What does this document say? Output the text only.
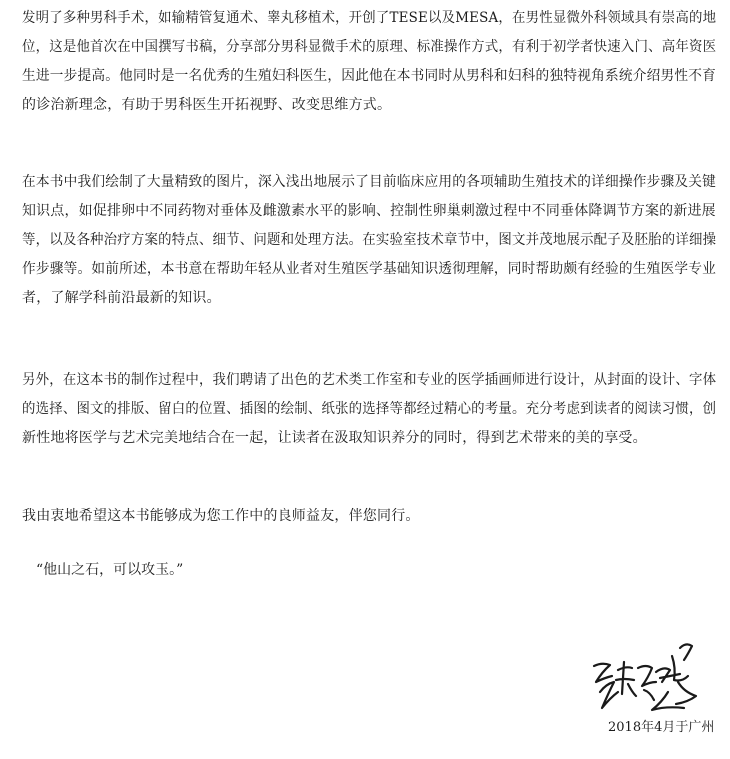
发明了多种男科手术，如输精管复通术、睾丸移植术，开创了TESE以及MESA，在男性显微外科领域具有崇高的地
位，这是他首次在中国撰写书稿，分享部分男科显微手术的原理、标准操作方式，有利于初学者快速入门、高年资医
生进一步提高。他同时是一名优秀的生殖妇科医生，因此他在本书同时从男科和妇科的独特视角系统介绍男性不育
的诊治新理念，有助于男科医生开拓视野、改变思维方式。
在本书中我们绘制了大量精致的图片，深入浅出地展示了目前临床应用的各项辅助生殖技术的详细操作步骤及关键
知识点，如促排卵中不同药物对垂体及雌激素水平的影响、控制性卵巢刺激过程中不同垂体降调节方案的新进展
等，以及各种治疗方案的特点、细节、问题和处理方法。在实验室技术章节中，图文并茂地展示配子及胚胎的详细操
作步骤等。如前所述，本书意在帮助年轻从业者对生殖医学基础知识透彻理解，同时帮助颇有经验的生殖医学专业
者，了解学科前沿最新的知识。
另外，在这本书的制作过程中，我们聘请了出色的艺术类工作室和专业的医学插画师进行设计，从封面的设计、字体
的选择、图文的排版、留白的位置、插图的绘制、纸张的选择等都经过精心的考量。充分考虑到读者的阅读习惯，创
新性地将医学与艺术完美地结合在一起，让读者在汲取知识养分的同时，得到艺术带来的美的享受。
我由衷地希望这本书能够成为您工作中的良师益友，伴您同行。

“他山之石，可以攻玉。”

2018年4月于广州
